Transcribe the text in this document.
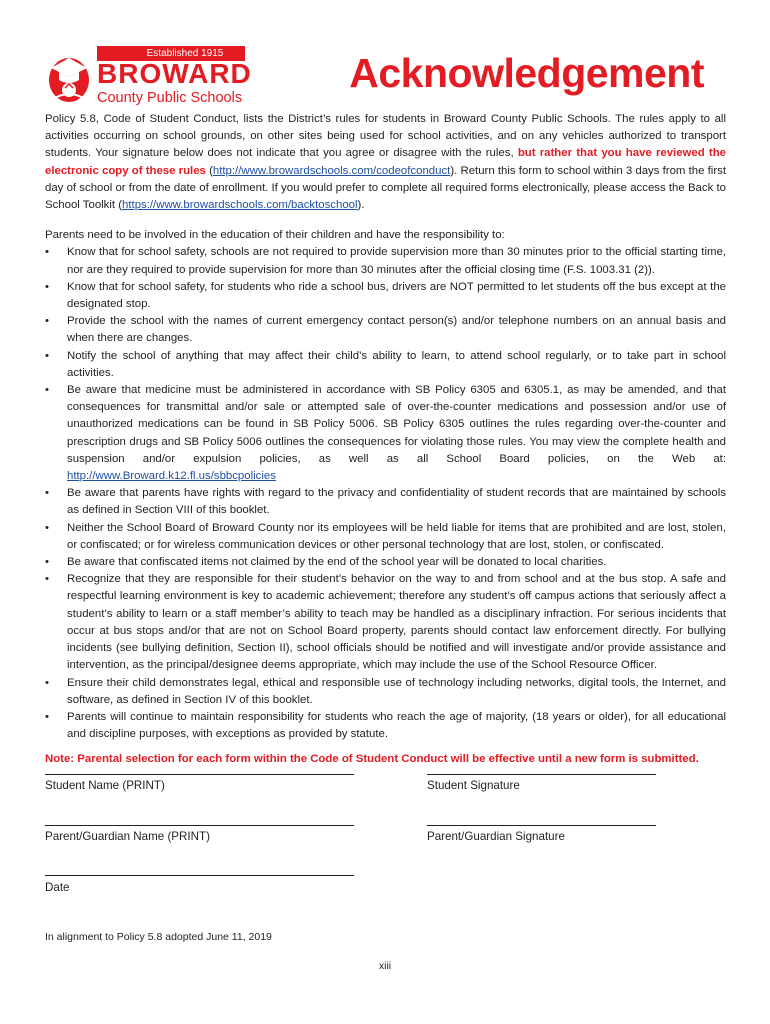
Established 1915
BROWARD
County Public Schools
Acknowledgement

Policy 5.8, Code of Student Conduct, lists the District’s rules for students in Broward County Public Schools. The rules apply to all activities occurring on school grounds, on other sites being used for school activities, and on any vehicles authorized to transport students. Your signature below does not indicate that you agree or disagree with the rules, but rather that you have reviewed the electronic copy of these rules (http://www.browardschools.com/codeofconduct). Return this form to school within 3 days from the first day of school or from the date of enrollment. If you would prefer to complete all required forms electronically, please access the Back to School Toolkit (https://www.browardschools.com/backtoschool).

Parents need to be involved in the education of their children and have the responsibility to:

• Know that for school safety, schools are not required to provide supervision more than 30 minutes prior to the official starting time, nor are they required to provide supervision for more than 30 minutes after the official closing time (F.S. 1003.31 (2)).
• Know that for school safety, for students who ride a school bus, drivers are NOT permitted to let students off the bus except at the designated stop.
• Provide the school with the names of current emergency contact person(s) and/or telephone numbers on an annual basis and when there are changes.
• Notify the school of anything that may affect their child’s ability to learn, to attend school regularly, or to take part in school activities.
• Be aware that medicine must be administered in accordance with SB Policy 6305 and 6305.1, as may be amended, and that consequences for transmittal and/or sale or attempted sale of over-the-counter medications and possession and/or use of unauthorized medications can be found in SB Policy 5006. SB Policy 6305 outlines the rules regarding over-the-counter and prescription drugs and SB Policy 5006 outlines the consequences for violating those rules. You may view the complete health and suspension and/or expulsion policies, as well as all School Board policies, on the Web at: http://www.Broward.k12.fl.us/sbbcpolicies
• Be aware that parents have rights with regard to the privacy and confidentiality of student records that are maintained by schools as defined in Section VIII of this booklet.
• Neither the School Board of Broward County nor its employees will be held liable for items that are prohibited and are lost, stolen, or confiscated; or for wireless communication devices or other personal technology that are lost, stolen, or confiscated.
• Be aware that confiscated items not claimed by the end of the school year will be donated to local charities.
• Recognize that they are responsible for their student’s behavior on the way to and from school and at the bus stop. A safe and respectful learning environment is key to academic achievement; therefore any student’s off campus actions that seriously affect a student’s ability to learn or a staff member’s ability to teach may be handled as a disciplinary infraction. For serious incidents that occur at bus stops and/or that are not on School Board property, parents should contact law enforcement directly. For bullying incidents (see bullying definition, Section II), school officials should be notified and will investigate and/or provide assistance and intervention, as the principal/designee deems appropriate, which may include the use of the School Resource Officer.
• Ensure their child demonstrates legal, ethical and responsible use of technology including networks, digital tools, the Internet, and software, as defined in Section IV of this booklet.
• Parents will continue to maintain responsibility for students who reach the age of majority, (18 years or older), for all educational and discipline purposes, with exceptions as provided by statute.

Note: Parental selection for each form within the Code of Student Conduct will be effective until a new form is submitted.

Student Name (PRINT)	Student Signature
Parent/Guardian Name (PRINT)	Parent/Guardian Signature
Date
In alignment to Policy 5.8 adopted June 11, 2019
xiii
